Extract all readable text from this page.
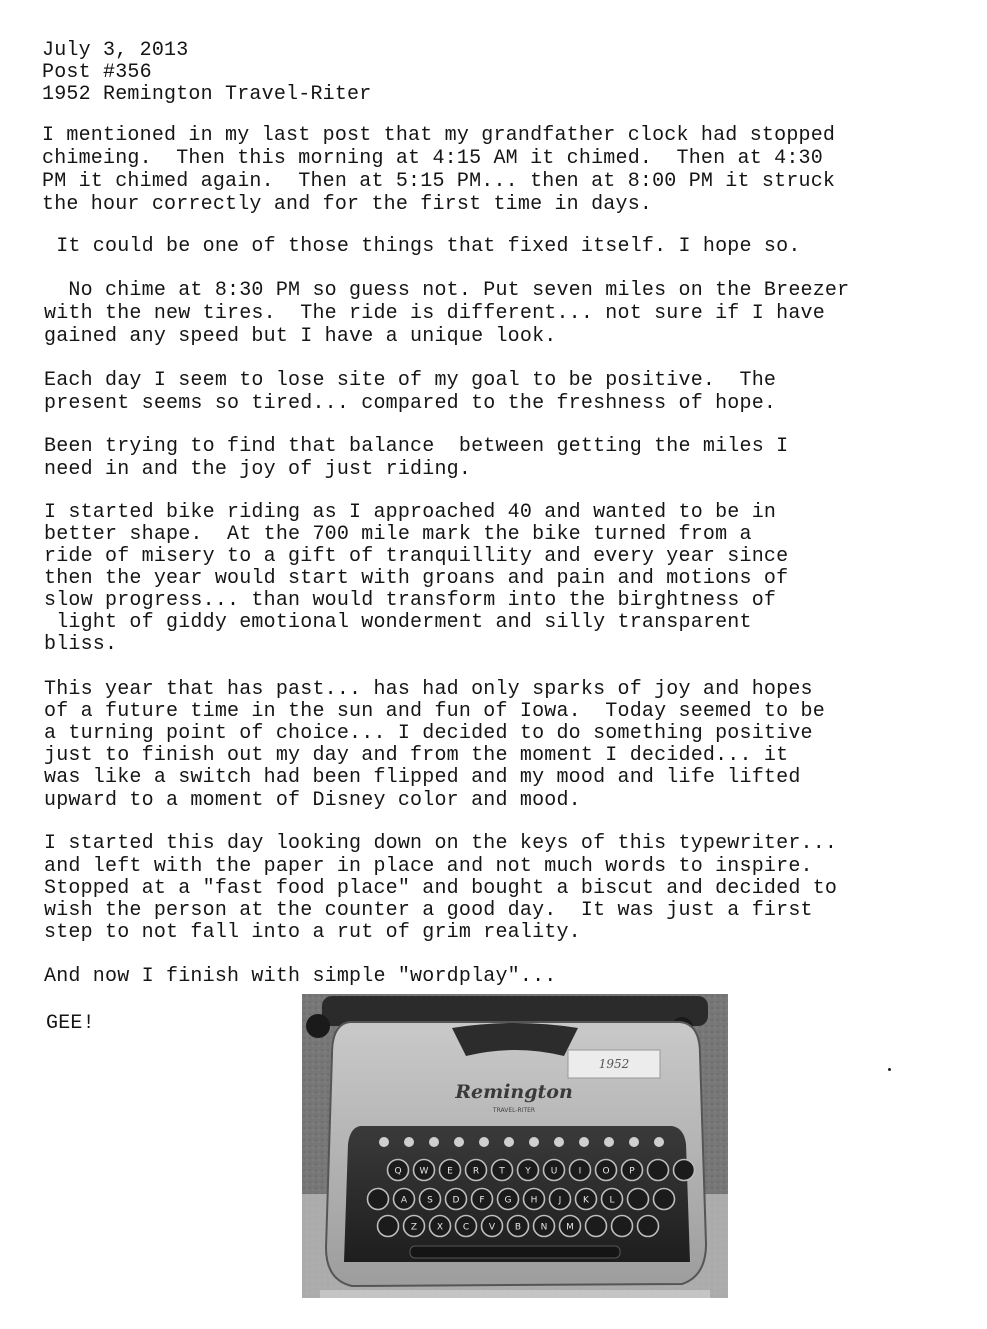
July 3, 2013
Post #356
1952 Remington Travel-Riter
I mentioned in my last post that my grandfather clock had stopped
chimeing.  Then this morning at 4:15 AM it chimed.  Then at 4:30
PM it chimed again.  Then at 5:15 PM... then at 8:00 PM it struck
the hour correctly and for the first time in days.
It could be one of those things that fixed itself. I hope so.
No chime at 8:30 PM so guess not. Put seven miles on the Breezer
with the new tires.  The ride is different... not sure if I have
gained any speed but I have a unique look.
Each day I seem to lose site of my goal to be positive.  The
present seems so tired... compared to the freshness of hope.
Been trying to find that balance  between getting the miles I
need in and the joy of just riding.
I started bike riding as I approached 40 and wanted to be in
better shape.  At the 700 mile mark the bike turned from a
ride of misery to a gift of tranquillity and every year since
then the year would start with groans and pain and motions of
slow progress... than would transform into the birghtness of
light of giddy emotional wonderment and silly transparent
bliss.
This year that has past... has had only sparks of joy and hopes
of a future time in the sun and fun of Iowa.  Today seemed to be
a turning point of choice... I decided to do something positive
just to finish out my day and from the moment I decided... it
was like a switch had been flipped and my mood and life lifted
upward to a moment of Disney color and mood.
I started this day looking down on the keys of this typewriter...
and left with the paper in place and not much words to inspire.
Stopped at a "fast food place" and bought a biscut and decided to
wish the person at the counter a good day.  It was just a first
step to not fall into a rut of grim reality.
And now I finish with simple "wordplay"...
GEE!
1952
Remington
TRAVEL-RITER
Q W E R T Y U I O P
A S D F G H J K L
Z X C V B N M
